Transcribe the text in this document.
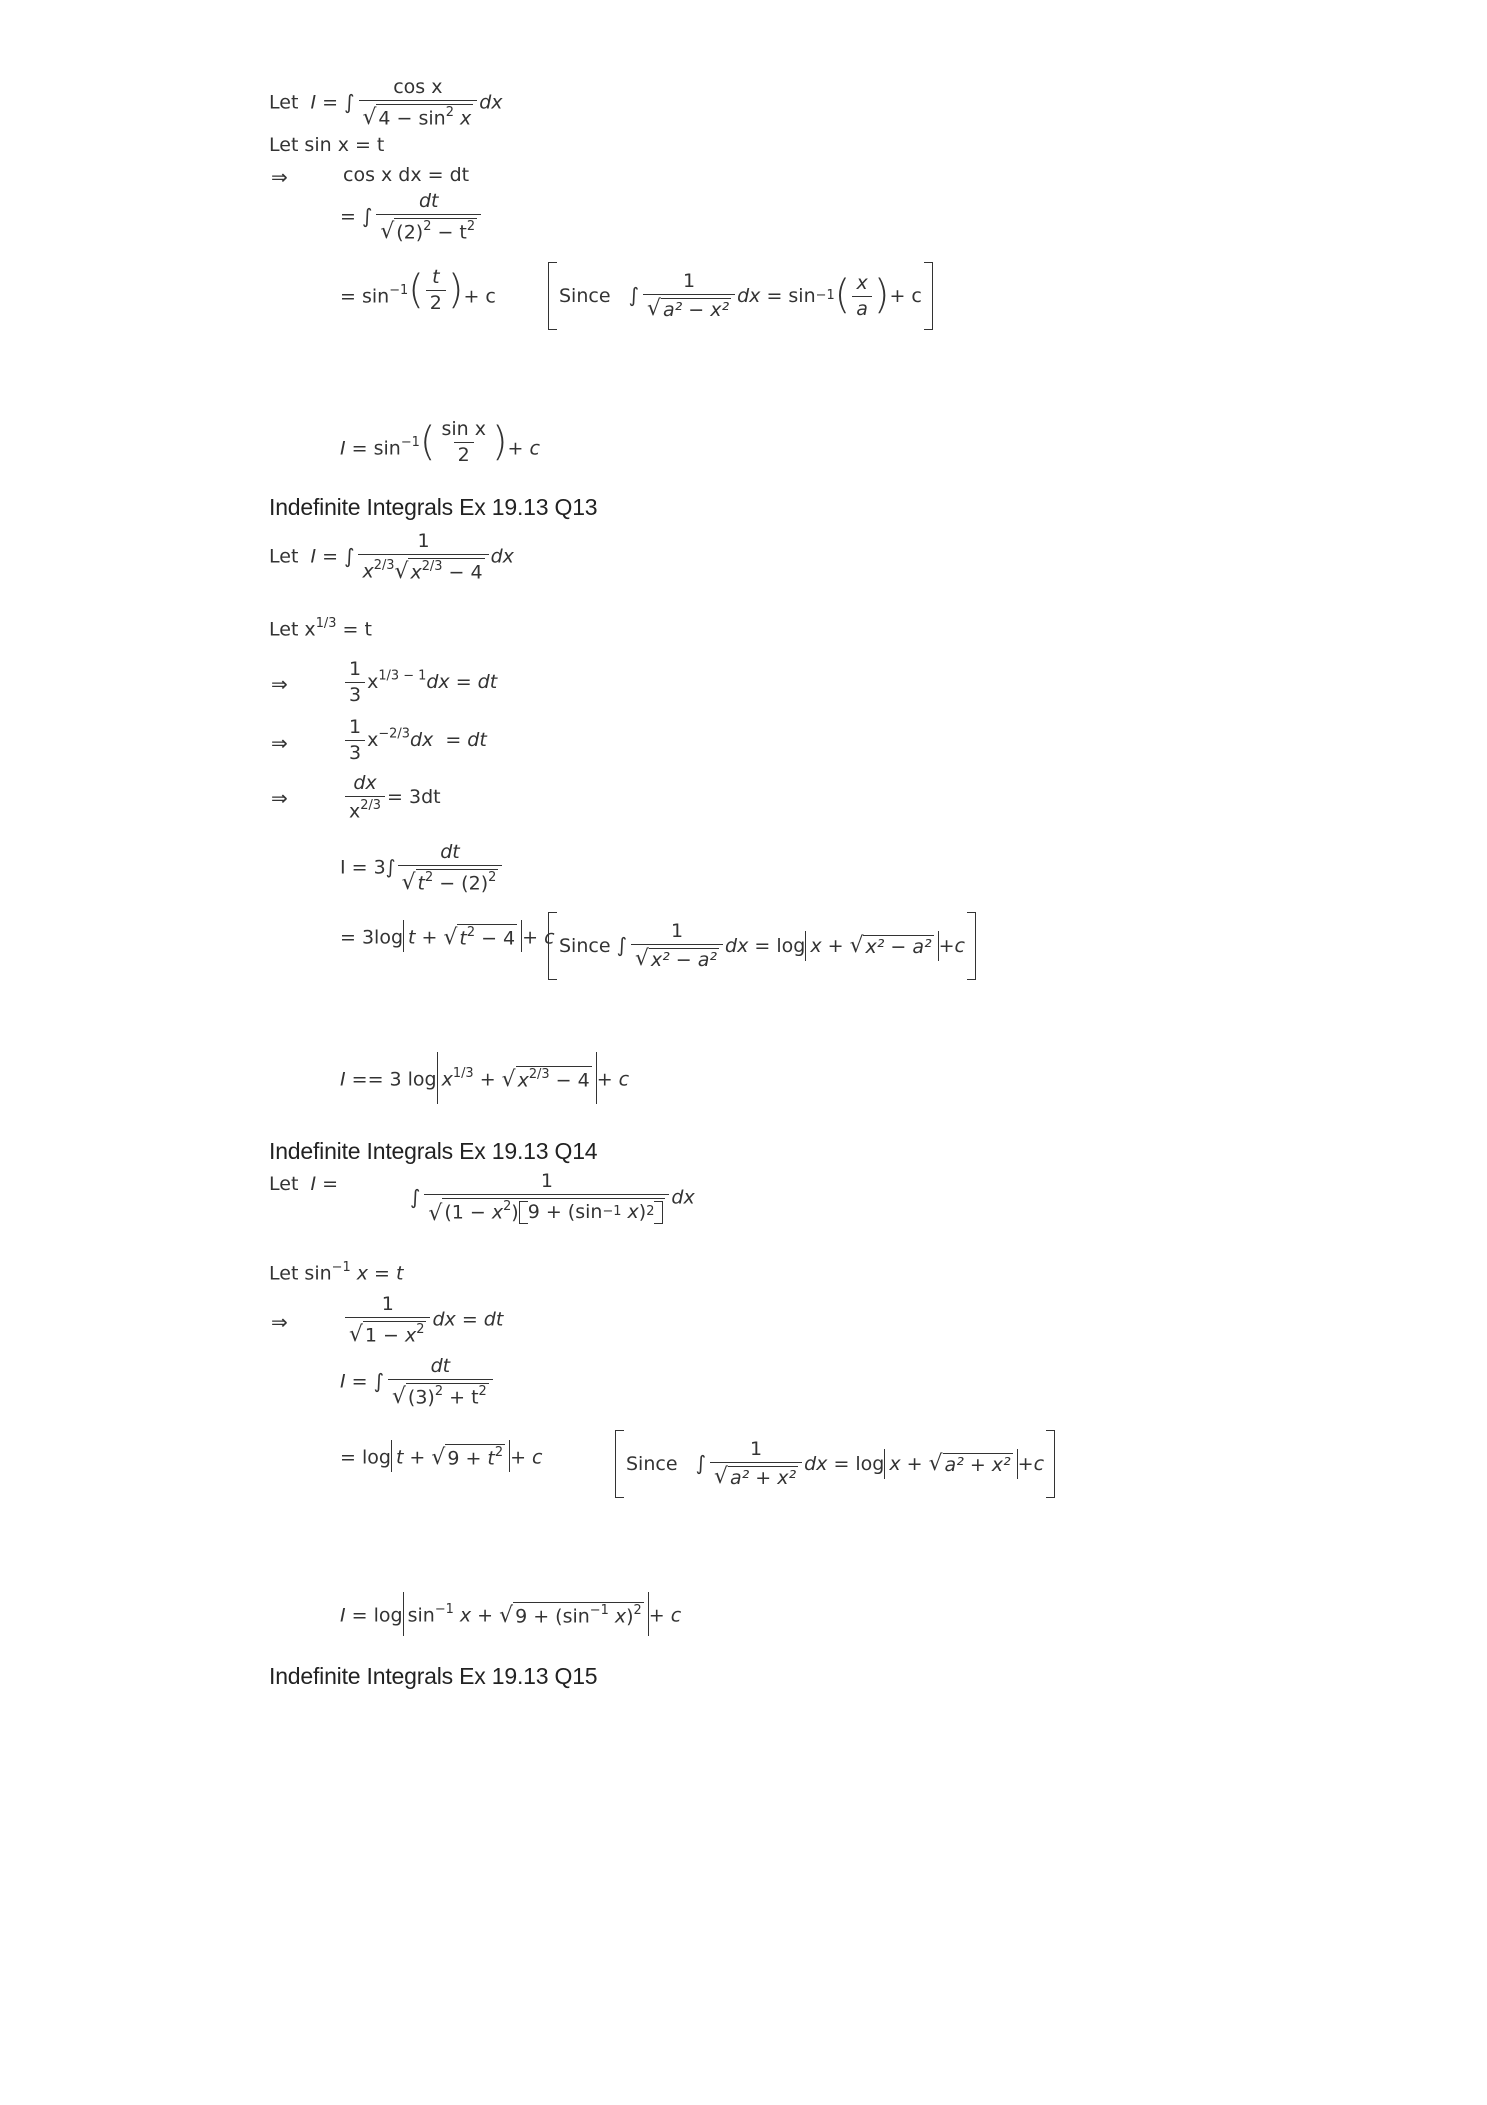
Let I = ∫ $\frac{\text{cos x}}{√ 4 - \sin^2 x}$ dx
Let sin x = t
⇒	cos x dx = dt
= ∫ $\frac{dt}{√ (2)^2 - t^2}$
= $\sin^{-1}$ ( $\frac{t}{2}$ ) + c	Since
∫ $\frac{1}{\text{√ a² − x²}}$ dx = sin −1 ( $\frac{x}{a}$ ) + c
$I = \sin^{-1}$ ( $\frac{\text{sin x}}{2}$ ) + c
Indefinite Integrals Ex 19.13 Q13
Let I = ∫ $\frac{1}{x^{2/3} √ x^{2/3} - 4}$ dx
Let $x^{1/3} = t$
⇒	$\frac{1}{3} x^{1/3 - 1}dx$ = dt
⇒	$\frac{1}{3} x^{-2/3}dx$  = dt
⇒	$\frac{dx}{x^{2/3}} = 3dt$
$I = 3\int \frac{dt}{√ t^2 - (2)^2}$
= 3log t + √ $t^2 - 4 + c$ Since
∫ $\frac{1}{\text{√ x² − a²}}$ dx
= log x + √ x² − a² + c
I == 3 $\log x^{1/3}$ + √ $x^{2/3} - 4 + c$
Indefinite Integrals Ex 19.13 Q14
Let  I =
∫ 1
√ $(1 - x^2)$ 9 + (sin −1
x ) 2 dx
Let $\sin^{-1} x = t$
⇒	$\frac{1}{√ 1 - x^2}$ dx = dt
I = ∫ $\frac{dt}{√ (3)^2 + t^2}$
= log t + √ $9 + t^2 + c$	Since
∫ $\frac{1}{\text{√ a² + x²}}$ dx = log x + √ a² + x² + c
$I = \log \sin^{-1} x$ + √ $9 + (\sin^{-1}$ x)$^2$ + c
Indefinite Integrals Ex 19.13 Q15
